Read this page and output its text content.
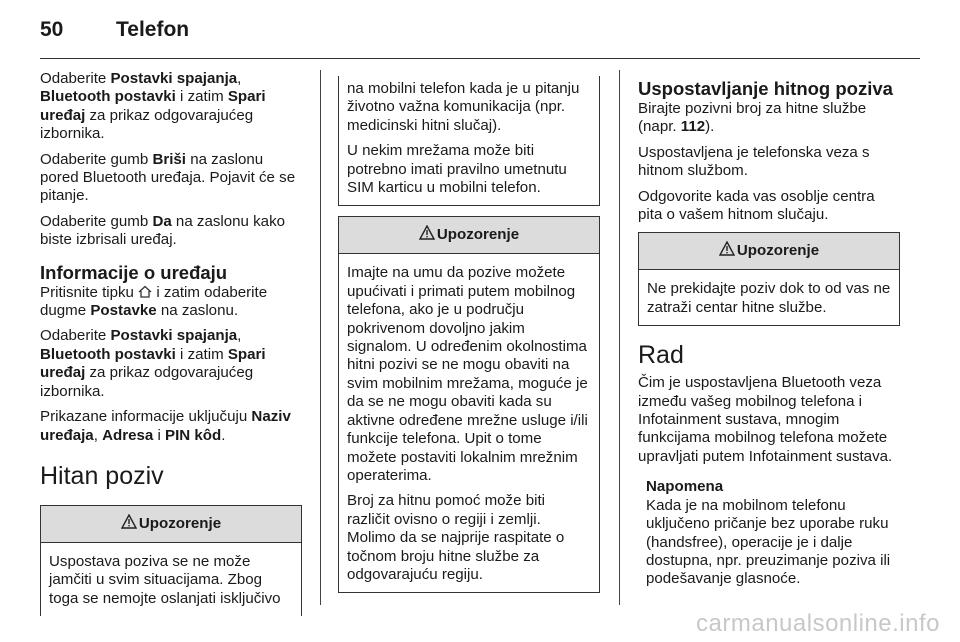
50	Telefon

Odaberite Postavki spajanja, Bluetooth postavki i zatim Spari uređaj za prikaz odgovarajućeg izbornika.

Odaberite gumb Briši na zaslonu pored Bluetooth uređaja. Pojavit će se pitanje.

Odaberite gumb Da na zaslonu kako biste izbrisali uređaj.

Informacije o uređaju

Pritisnite tipku  i zatim odaberite dugme Postavke na zaslonu.

Odaberite Postavki spajanja, Bluetooth postavki i zatim Spari uređaj za prikaz odgovarajućeg izbornika.

Prikazane informacije uključuju Naziv uređaja, Adresa i PIN kôd.

Hitan poziv
Upozorenje

Uspostava poziva se ne može jamčiti u svim situacijama. Zbog toga se nemojte oslanjati isključivo

na mobilni telefon kada je u pitanju životno važna komunikacija (npr. medicinski hitni slučaj).

U nekim mrežama može biti potrebno imati pravilno umetnutu SIM karticu u mobilni telefon.

Upozorenje

Imajte na umu da pozive možete upućivati i primati putem mobilnog telefona, ako je u području pokrivenom dovoljno jakim signalom. U određenim okolnostima hitni pozivi se ne mogu obaviti na svim mobilnim mrežama, moguće je da se ne mogu obaviti kada su aktivne određene mrežne usluge i/ili funkcije telefona. Upit o tome možete postaviti lokalnim mrežnim operaterima.

Broj za hitnu pomoć može biti različit ovisno o regiji i zemlji. Molimo da se najprije raspitate o točnom broju hitne službe za odgovarajuću regiju.

Uspostavljanje hitnog poziva

Birajte pozivni broj za hitne službe (napr. 112).

Uspostavljena je telefonska veza s hitnom službom.

Odgovorite kada vas osoblje centra pita o vašem hitnom slučaju.

Upozorenje

Ne prekidajte poziv dok to od vas ne zatraži centar hitne službe.

Rad

Čim je uspostavljena Bluetooth veza između vašeg mobilnog telefona i Infotainment sustava, mnogim funkcijama mobilnog telefona možete upravljati putem Infotainment sustava.

Napomena

Kada je na mobilnom telefonu uključeno pričanje bez uporabe ruku (handsfree), operacije je i dalje dostupna, npr. preuzimanje poziva ili podešavanje glasnoće.

carmanualsonline.info
